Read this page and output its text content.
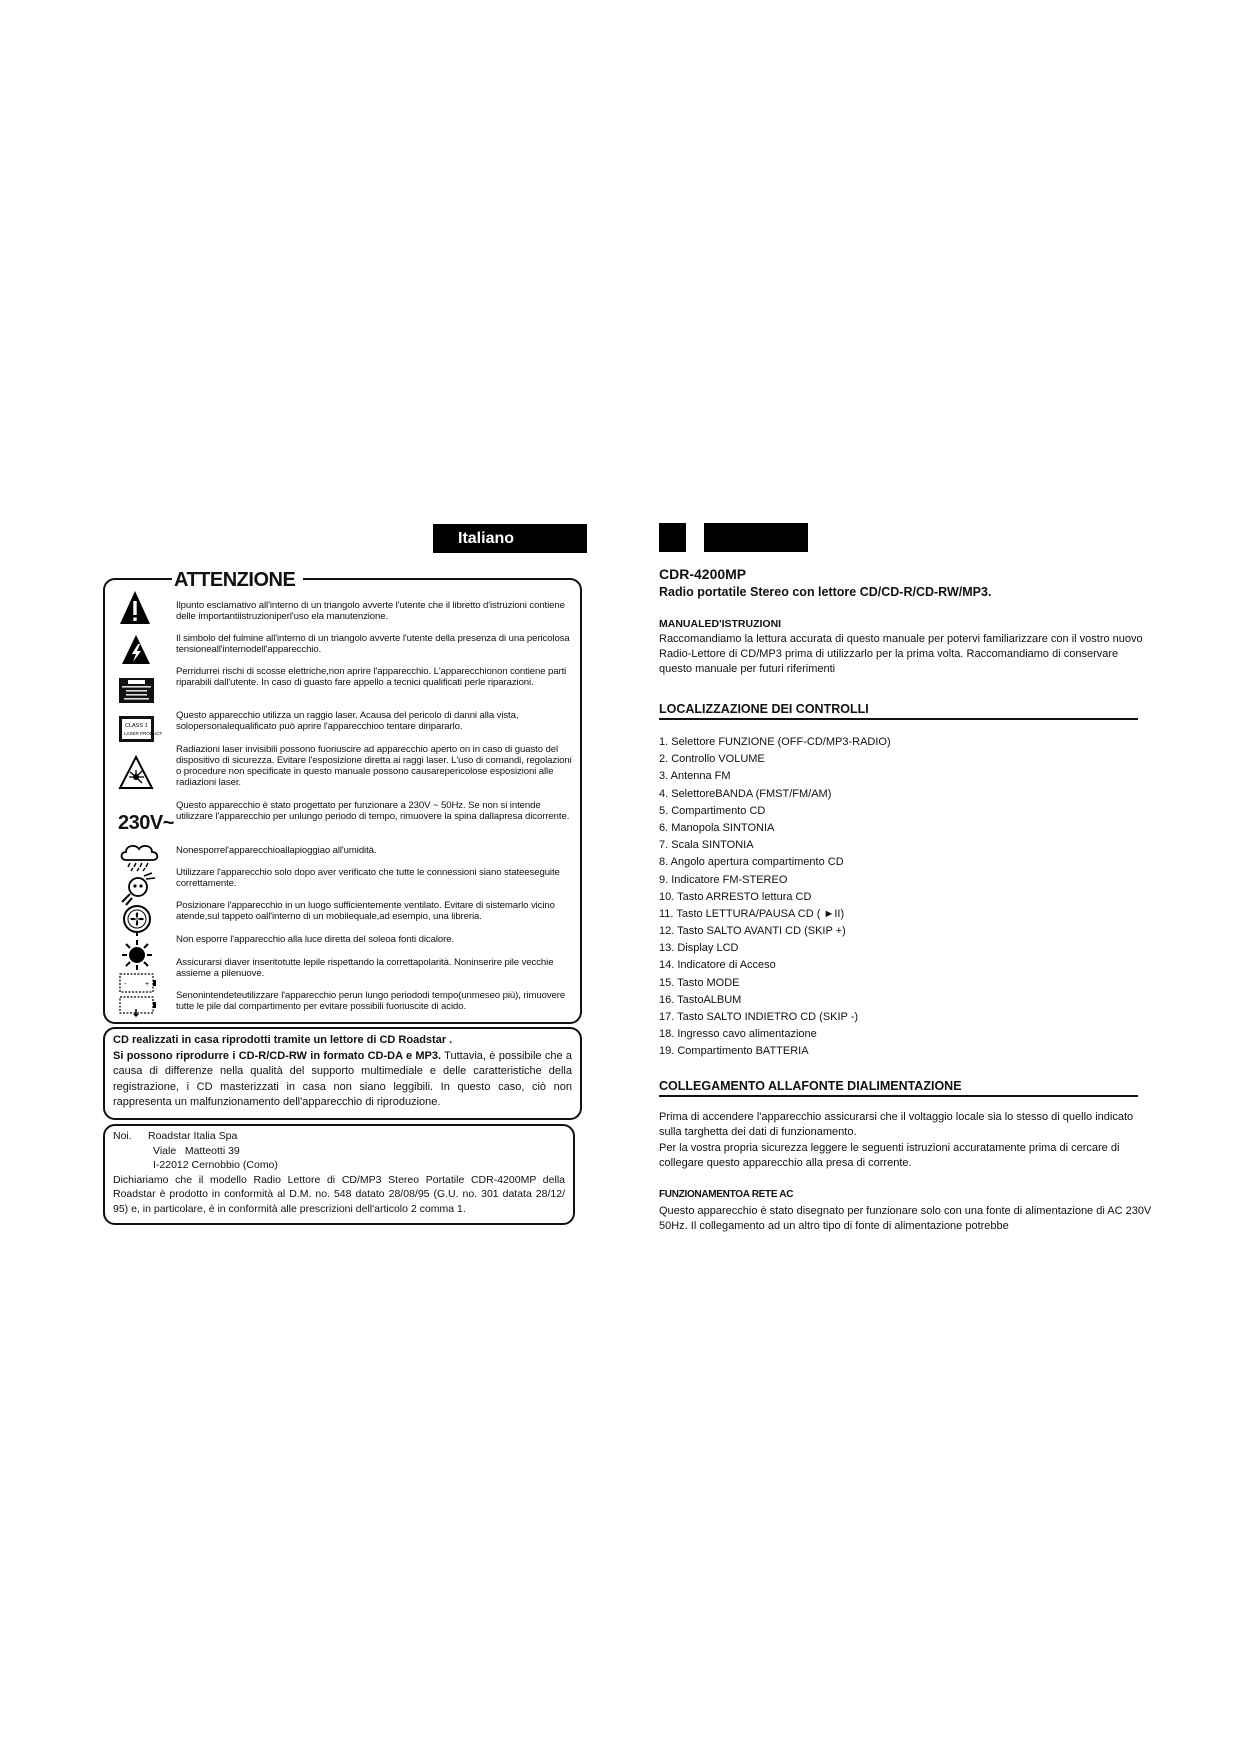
Italiano Italiano25
ATTENZIONE
CLASS 1
LASER PRODUCT
230V~
-	+
Ilpunto esclamativo all'interno di un triangolo avverte l'utente che il libretto d'istruzioni contiene delle importantiistruzioniperl'uso ela manutenzione.
Il simbolo del fulmine all'interno di un triangolo avverte l'utente della presenza di una pericolosa tensioneall'internodell'apparecchio.
Perridurrei rischi di scosse elettriche,non aprire l'apparecchio. L'apparecchionon contiene parti riparabili dall'utente. In caso di guasto fare appello a tecnici qualificati perle riparazioni.
Questo apparecchio utilizza un raggio laser. Acausa del pericolo di danni alla vista, solopersonalequalificato può aprire l'apparecchioo tentare diripararlo.
Radiazioni laser invisibili possono fuoriuscire ad apparecchio aperto on in caso di guasto del dispositivo di sicurezza. Evitare l'esposizione diretta ai raggi laser. L'uso di comandi, regolazioni o procedure non specificate in questo manuale possono causarepericolose esposizioni alle radiazioni laser.
Questo apparecchio è stato progettato per funzionare a 230V ~ 50Hz. Se non si intende utilizzare l'apparecchio per unlungo periodo di tempo, rimuovere la spina dallapresa dicorrente.
Nonesporrel'apparecchioallapioggiao all'umidità.
Utilizzare l'apparecchio solo dopo aver verificato che tutte le connessioni siano stateeseguite correttamente.
Posizionare l'apparecchio in un luogo sufficientemente ventilato. Evitare di sistemarlo vicino atende,sul tappeto oall'interno di un mobilequale,ad esempio, una libreria.
Non esporre l'apparecchio alla luce diretta del soleoa fonti dicalore.
Assicurarsi diaver inseritotutte lepile rispettando la correttapolarità. Noninserire pile vecchie assieme a pilenuove.
Senonintendeteutilizzare l'apparecchio perun lungo periododi tempo(unmeseo più), rimuovere tutte le pile dal compartimento per evitare possibili fuoriuscite di acido.

CD realizzati in casa riprodotti tramite un lettore di CD Roadstar .

Si possono riprodurre i CD-R/CD-RW in formato CD-DA e MP3. Tuttavia, è possibile che a causa di differenze nella qualità del supporto multimediale e delle caratteristiche della registrazione, i CD masterizzati in casa non siano leggibili. In questo caso, ciò non rappresenta un malfunzionamento dell'apparecchio di riproduzione.

Noi. Roadstar Italia Spa
Viale   Matteotti 39
I-22012 Cernobbio (Como)
Dichiariamo che il modello Radio Lettore di CD/MP3 Stereo Portatile CDR-4200MP della Roadstar è prodotto in conformità al D.M. no. 548 datato 28/08/95 (G.U. no. 301 datata 28/12/ 95) e, in particolare, è in conformità alle prescrizioni dell'articolo 2 comma 1.
CDR-4200MP
Radio portatile Stereo con lettore CD/CD-R/CD-RW/MP3.
MANUALED'ISTRUZIONI
Raccomandiamo la lettura accurata di questo manuale per potervi familiarizzare con il vostro nuovo Radio-Lettore di CD/MP3 prima di utilizzarlo per la prima volta. Raccomandiamo di conservare questo manuale per futuri riferimenti
LOCALIZZAZIONE DEI CONTROLLI
1. Selettore FUNZIONE (OFF-CD/MP3-RADIO)
2. Controllo VOLUME
3. Antenna FM
4. SelettoreBANDA (FMST/FM/AM)
5. Compartimento CD
6. Manopola SINTONIA
7. Scala SINTONIA
8. Angolo apertura compartimento CD
9. Indicatore FM-STEREO
10. Tasto ARRESTO lettura CD
11. Tasto LETTURA/PAUSA CD ( ►II)
12. Tasto SALTO AVANTI CD (SKIP +)
13. Display LCD
14. Indicatore di Acceso
15. Tasto MODE
16. TastoALBUM
17. Tasto SALTO INDIETRO CD (SKIP -)
18. Ingresso cavo alimentazione
19. Compartimento BATTERIA
COLLEGAMENTO ALLAFONTE DIALIMENTAZIONE
Prima di accendere l'apparecchio assicurarsi che il voltaggio locale sia lo stesso di quello indicato sulla targhetta dei dati di funzionamento.
Per la vostra propria sicurezza leggere le seguenti istruzioni accuratamente prima di cercare di collegare questo apparecchio alla presa di corrente.
FUNZIONAMENTOA RETE AC
Questo apparecchio è stato disegnato per funzionare solo con una fonte di alimentazione di AC 230V 50Hz. Il collegamento ad un altro tipo di fonte di alimentazione potrebbe
